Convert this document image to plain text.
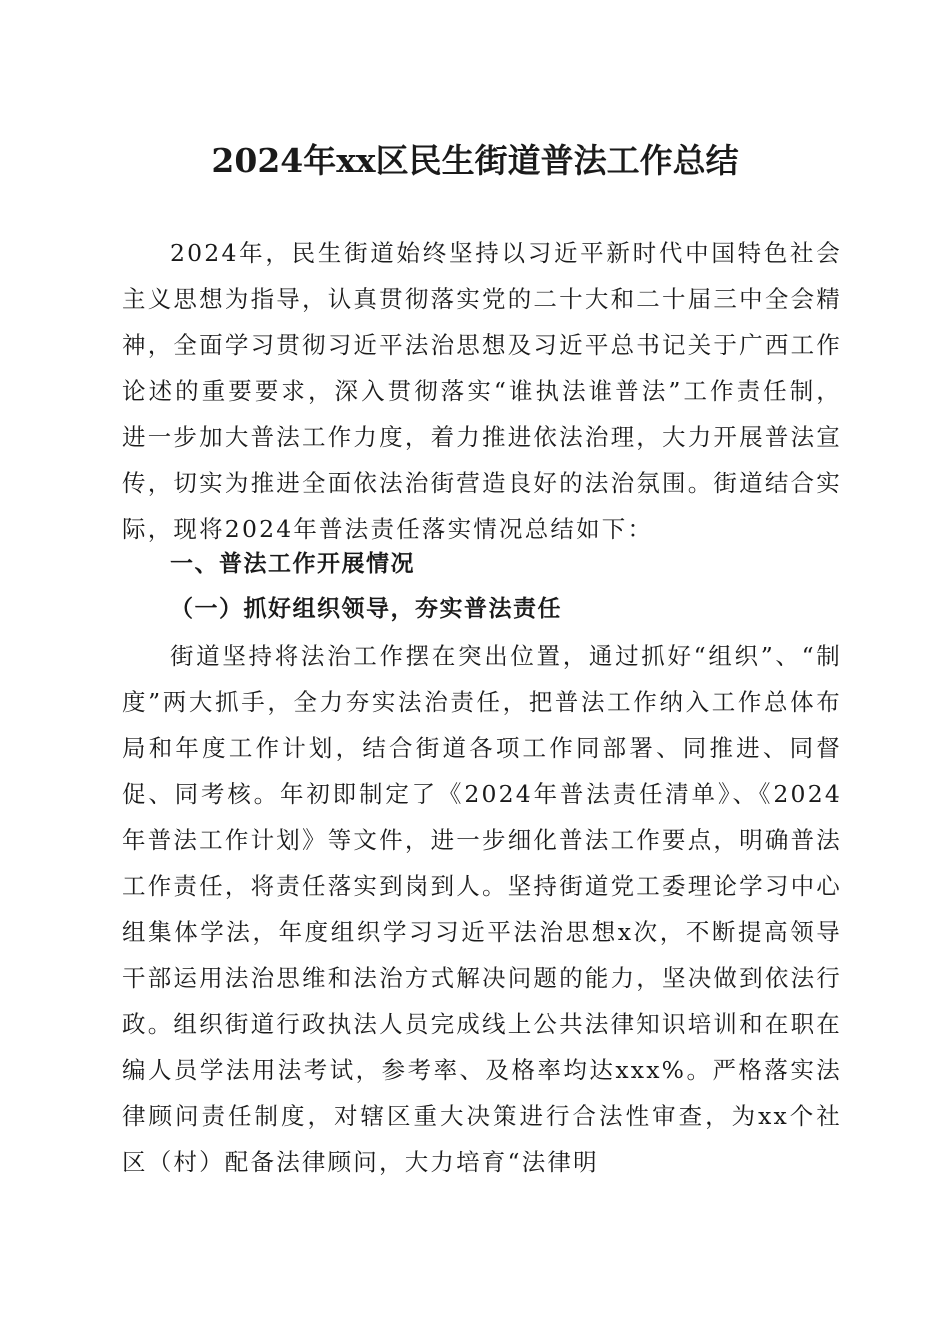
2024年xx区民生街道普法工作总结

2024年，民生街道始终坚持以习近平新时代中国特色社会主义思想为指导，认真贯彻落实党的二十大和二十届三中全会精神，全面学习贯彻习近平法治思想及习近平总书记关于广西工作论述的重要要求，深入贯彻落实“谁执法谁普法”工作责任制，进一步加大普法工作力度，着力推进依法治理，大力开展普法宣传，切实为推进全面依法治街营造良好的法治氛围。街道结合实际，现将2024年普法责任落实情况总结如下：

一、普法工作开展情况
（一）抓好组织领导，夯实普法责任

街道坚持将法治工作摆在突出位置，通过抓好“组织”、“制度”两大抓手，全力夯实法治责任，把普法工作纳入工作总体布局和年度工作计划，结合街道各项工作同部署、同推进、同督促、同考核。年初即制定了《2024年普法责任清单》、《2024年普法工作计划》等文件，进一步细化普法工作要点，明确普法工作责任，将责任落实到岗到人。坚持街道党工委理论学习中心组集体学法，年度组织学习习近平法治思想x次，不断提高领导干部运用法治思维和法治方式解决问题的能力，坚决做到依法行政。组织街道行政执法人员完成线上公共法律知识培训和在职在编人员学法用法考试，参考率、及格率均达xxx%。严格落实法律顾问责任制度，对辖区重大决策进行合法性审查，为xx个社区（村）配备法律顾问，大力培育“法律明
